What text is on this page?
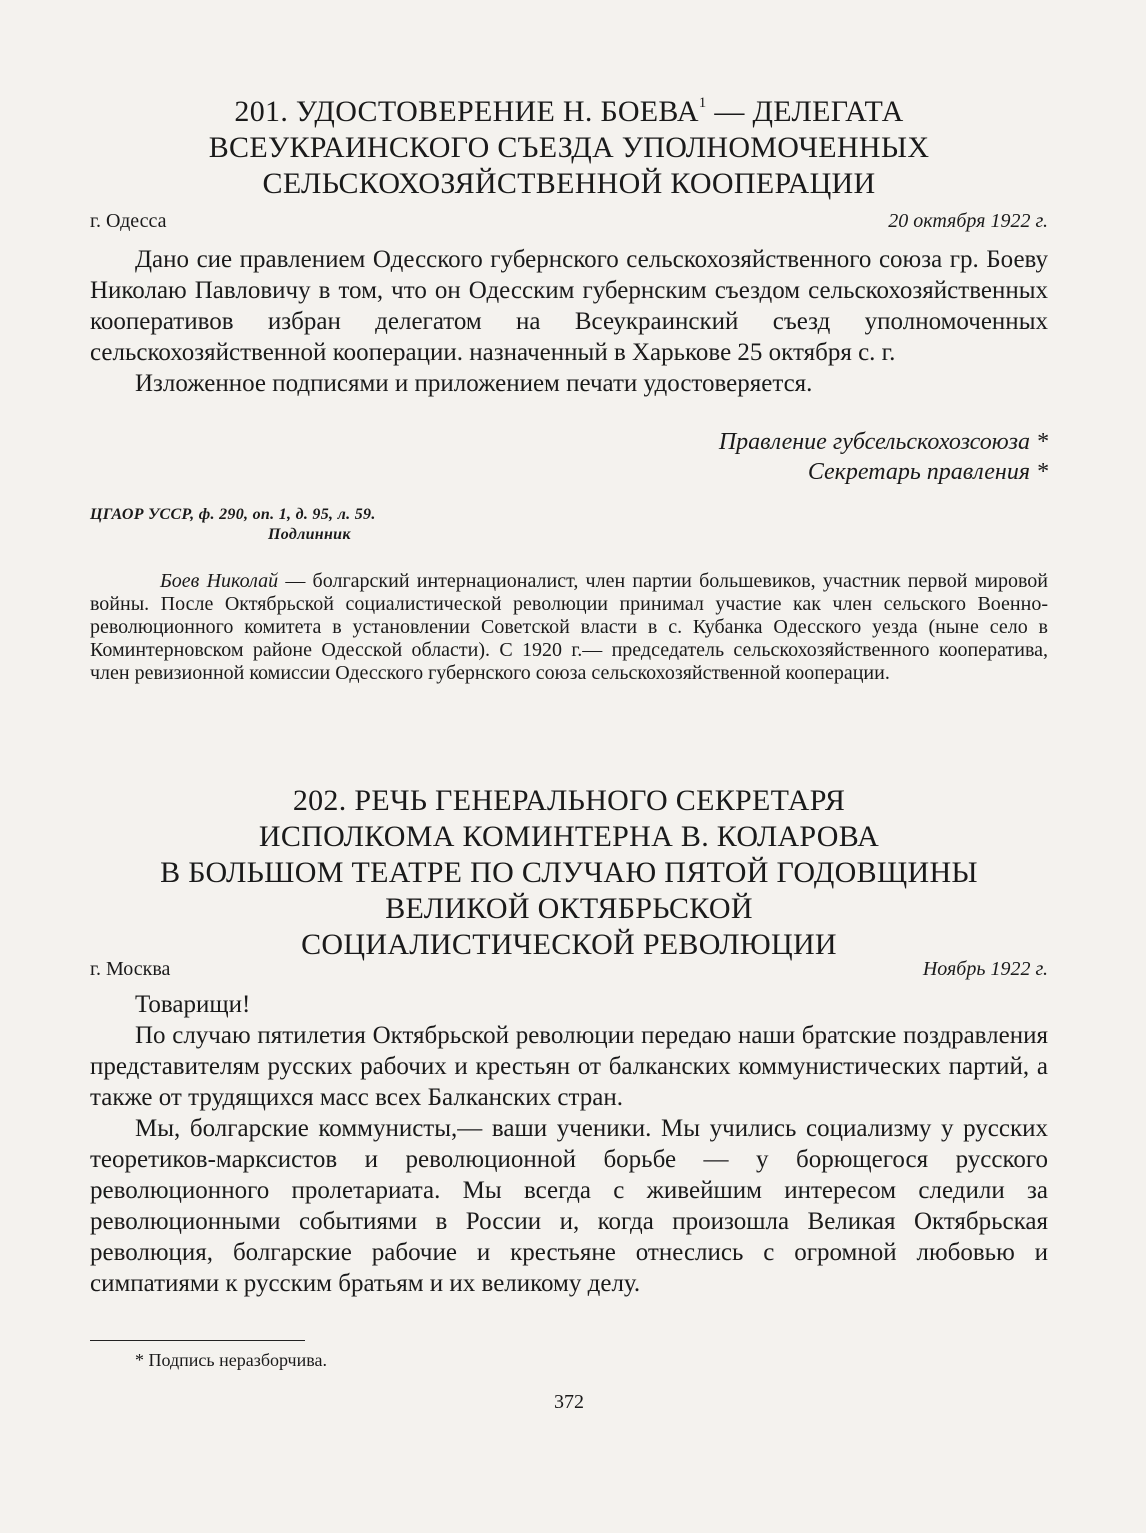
201. УДОСТОВЕРЕНИЕ Н. БОЕВА$^1$ — ДЕЛЕГАТА
ВСЕУКРАИНСКОГО СЪЕЗДА УПОЛНОМОЧЕННЫХ
СЕЛЬСКОХОЗЯЙСТВЕННОЙ КООПЕРАЦИИ
г. Одесса	20 октября 1922 г.

Дано сие правлением Одесского губернского сельскохозяйственного союза гр. Боеву Николаю Павловичу в том, что он Одесским губернским съездом сельскохозяйственных кооперативов избран делегатом на Всеукраинский съезд уполномоченных сельскохозяйственной кооперации. назначенный в Харькове 25 октября с. г.

Изложенное подписями и приложением печати удостоверяется.

Правление губсельскохозсоюза *
Секретарь правления *
ЦГАОР УССР, ф. 290, оп. 1, д. 95, л. 59.
Подлинник

Боев Николай — болгарский интернационалист, член партии большевиков, участник первой мировой войны. После Октябрьской социалистической революции принимал участие как член сельского Военно-революционного комитета в установлении Советской власти в с. Кубанка Одесского уезда (ныне село в Коминтерновском районе Одесской области). С 1920 г.— председатель сельскохозяйственного кооператива, член ревизионной комиссии Одесского губернского союза сельскохозяйственной кооперации.

202. РЕЧЬ ГЕНЕРАЛЬНОГО СЕКРЕТАРЯ
ИСПОЛКОМА КОМИНТЕРНА В. КОЛАРОВА
В БОЛЬШОМ ТЕАТРЕ ПО СЛУЧАЮ ПЯТОЙ ГОДОВЩИНЫ
ВЕЛИКОЙ ОКТЯБРЬСКОЙ
СОЦИАЛИСТИЧЕСКОЙ РЕВОЛЮЦИИ
г. Москва	Ноябрь 1922 г.

Товарищи!

По случаю пятилетия Октябрьской революции передаю наши братские поздравления представителям русских рабочих и крестьян от балканских коммунистических партий, а также от трудящихся масс всех Балканских стран.

Мы, болгарские коммунисты,— ваши ученики. Мы учились социализму у русских теоретиков-марксистов и революционной борьбе — у борющегося русского революционного пролетариата. Мы всегда с живейшим интересом следили за революционными событиями в России и, когда произошла Великая Октябрьская революция, болгарские рабочие и крестьяне отнеслись с огромной любовью и симпатиями к русским братьям и их великому делу.

* Подпись неразборчива.
372
